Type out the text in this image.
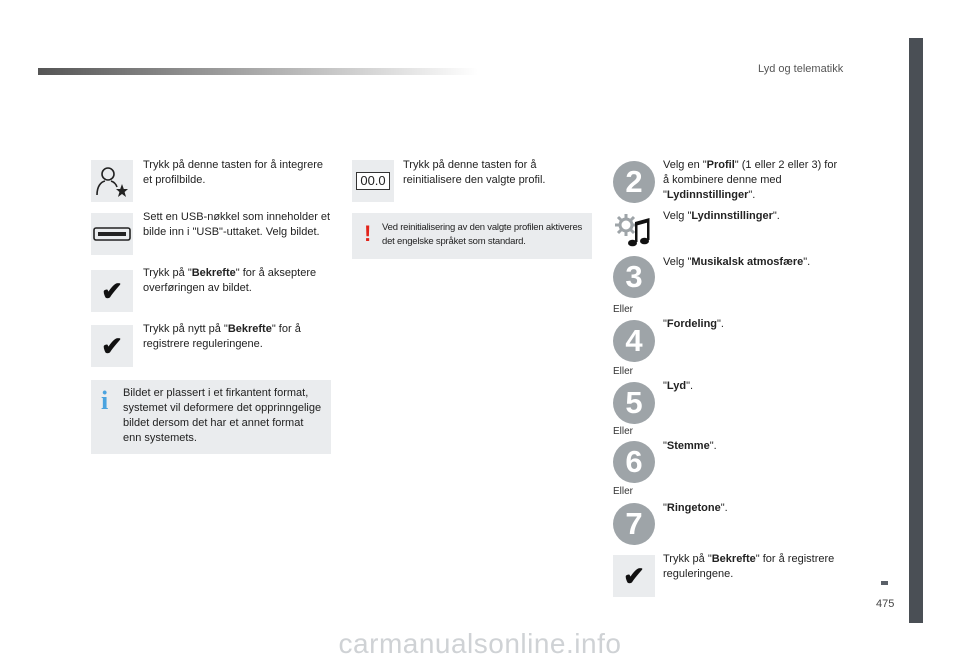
Lyd og telematikk
475
Trykk på denne tasten for å integrere et profilbilde.
Sett en USB-nøkkel som inneholder et bilde inn i "USB"-uttaket. Velg bildet.
✔
Trykk på "Bekrefte" for å akseptere overføringen av bildet.
✔
Trykk på nytt på "Bekrefte" for å registrere reguleringene.
i Bildet er plassert i et firkantent format, systemet vil deformere det opprinngelige bildet dersom det har et annet format enn systemets.
00.0
Trykk på denne tasten for å reinitialisere den valgte profil.
! Ved reinitialisering av den valgte profilen aktiveres det engelske språket som standard.
2	Velg en "Profil" (1 eller 2 eller 3) for å kombinere denne med "Lydinnstillinger".
Velg "Lydinnstillinger".
3	Velg "Musikalsk atmosfære".
Eller
4	"Fordeling".
Eller
5	"Lyd".
Eller
6	"Stemme".
Eller
7	"Ringetone".
✔
Trykk på "Bekrefte" for å registrere reguleringene.
carmanualsonline.info
